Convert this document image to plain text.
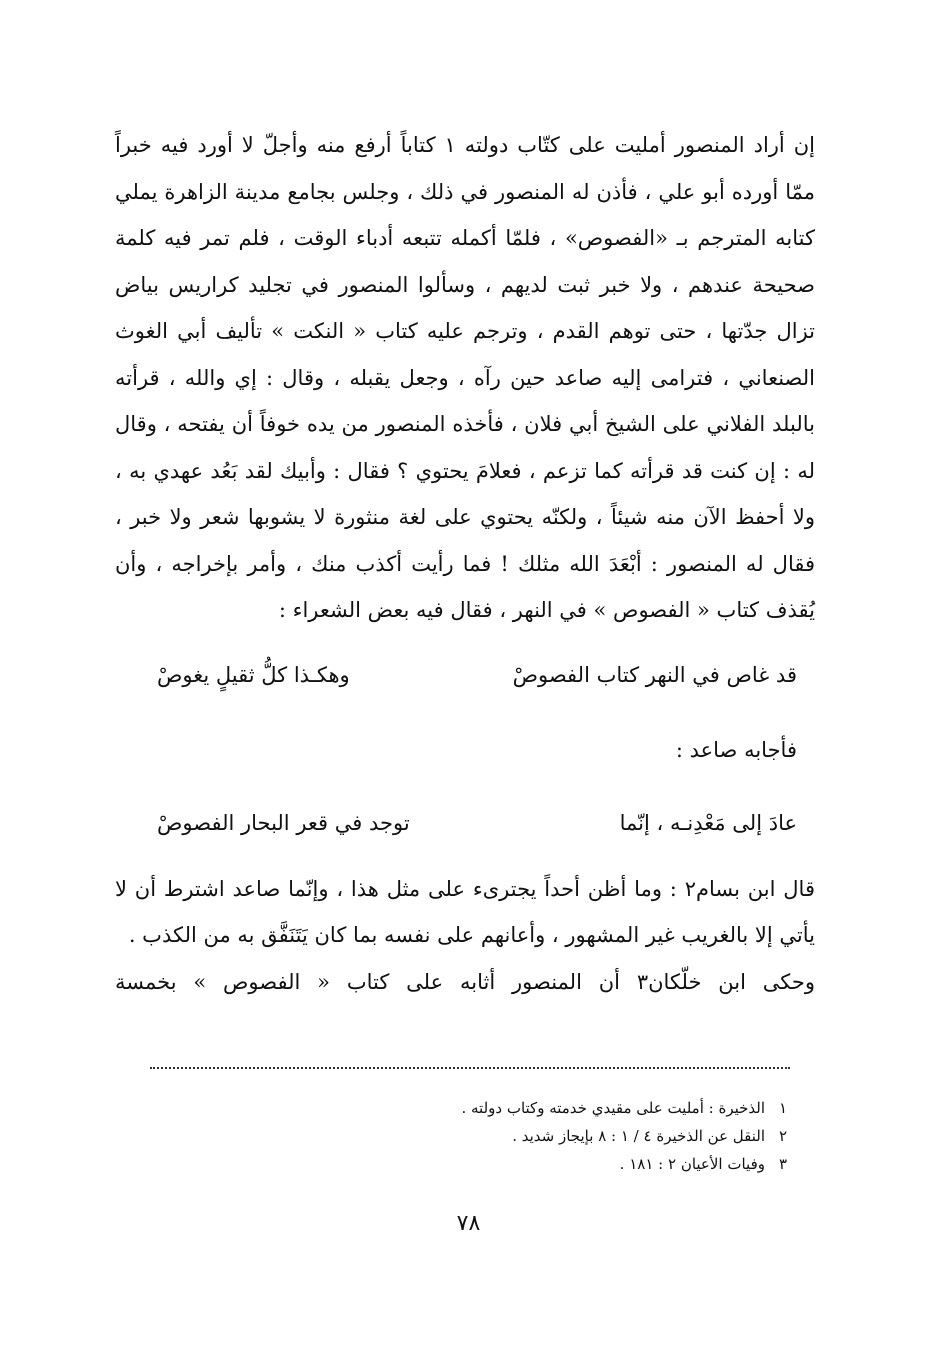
إن أراد المنصور أمليت على كتّاب دولته ١ كتاباً أرفع منه وأجلّ لا أورد فيه خبراً ممّا أورده أبو علي ، فأذن له المنصور في ذلك ، وجلس بجامع مدينة الزاهرة يملي كتابه المترجم بـ «الفصوص» ، فلمّا أكمله تتبعه أدباء الوقت ، فلم تمر فيه كلمة صحيحة عندهم ، ولا خبر ثبت لديهم ، وسألوا المنصور في تجليد كراريس بياض تزال جدّتها ، حتى توهم القدم ، وترجم عليه كتاب « النكت » تأليف أبي الغوث الصنعاني ، فترامى إليه صاعد حين رآه ، وجعل يقبله ، وقال : إي والله ، قرأته بالبلد الفلاني على الشيخ أبي فلان ، فأخذه المنصور من يده خوفاً أن يفتحه ، وقال له : إن كنت قد قرأته كما تزعم ، فعلامَ يحتوي ؟ فقال : وأبيك لقد بَعُد عهدي به ، ولا أحفظ الآن منه شيئاً ، ولكنّه يحتوي على لغة منثورة لا يشوبها شعر ولا خبر ، فقال له المنصور : أبْعَدَ الله مثلك ! فما رأيت أكذب منك ، وأمر بإخراجه ، وأن يُقذف كتاب « الفصوص » في النهر ، فقال فيه بعض الشعراء :

قد غاص في النهر كتاب الفصوصْ
وهكـذا كلُّ ثقيلٍ يغوصْ
فأجابه صاعد :
عادَ إلى مَعْدِنـه ، إنّما
توجد في قعر البحار الفصوصْ

قال ابن بسام٢ : وما أظن أحداً يجترىء على مثل هذا ، وإنّما صاعد اشترط أن لا يأتي إلا بالغريب غير المشهور ، وأعانهم على نفسه بما كان يَتَنَفَّق به من الكذب .

وحكى ابن خلّكان٣ أن المنصور أثابه على كتاب « الفصوص » بخمسة

١
الذخيرة : أمليت على مقيدي خدمته وكتاب دولته .
٢
النقل عن الذخيرة ٤ / ١ : ٨ بإيجاز شديد .
٣
وفيات الأعيان ٢ : ١٨١ .
٧٨
